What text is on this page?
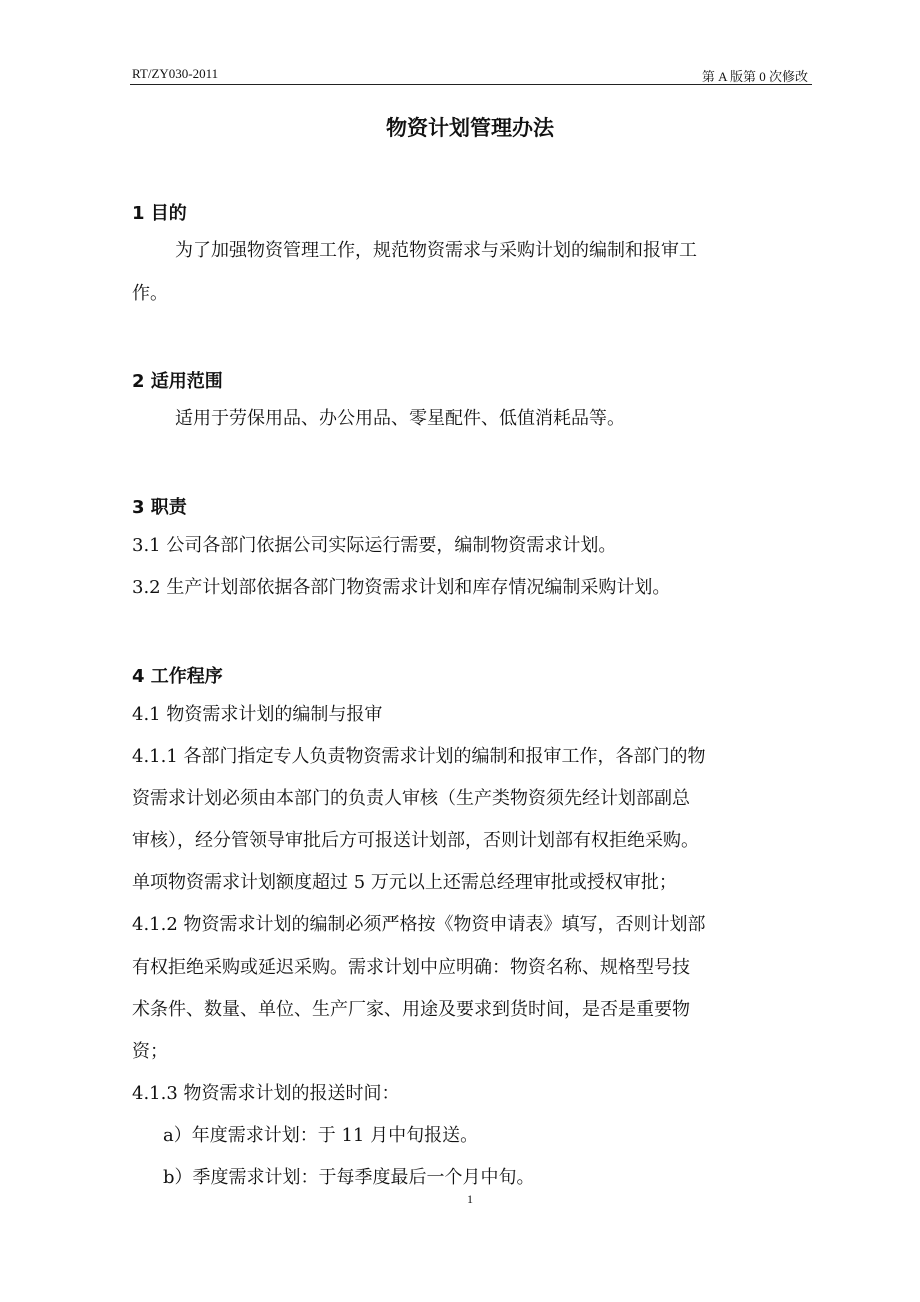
RT/ZY030-2011	第 A 版第 0 次修改
物资计划管理办法
1 目的
为了加强物资管理工作，规范物资需求与采购计划的编制和报审工
作。
2 适用范围
适用于劳保用品、办公用品、零星配件、低值消耗品等。
3 职责
3.1 公司各部门依据公司实际运行需要，编制物资需求计划。
3.2 生产计划部依据各部门物资需求计划和库存情况编制采购计划。
4 工作程序
4.1 物资需求计划的编制与报审
4.1.1 各部门指定专人负责物资需求计划的编制和报审工作，各部门的物
资需求计划必须由本部门的负责人审核（生产类物资须先经计划部副总
审核），经分管领导审批后方可报送计划部，否则计划部有权拒绝采购。
单项物资需求计划额度超过 5 万元以上还需总经理审批或授权审批；
4.1.2 物资需求计划的编制必须严格按《物资申请表》填写，否则计划部
有权拒绝采购或延迟采购。需求计划中应明确：物资名称、规格型号技
术条件、数量、单位、生产厂家、用途及要求到货时间，是否是重要物
资；
4.1.3 物资需求计划的报送时间：
a）年度需求计划：于 11 月中旬报送。
b）季度需求计划：于每季度最后一个月中旬。
1
